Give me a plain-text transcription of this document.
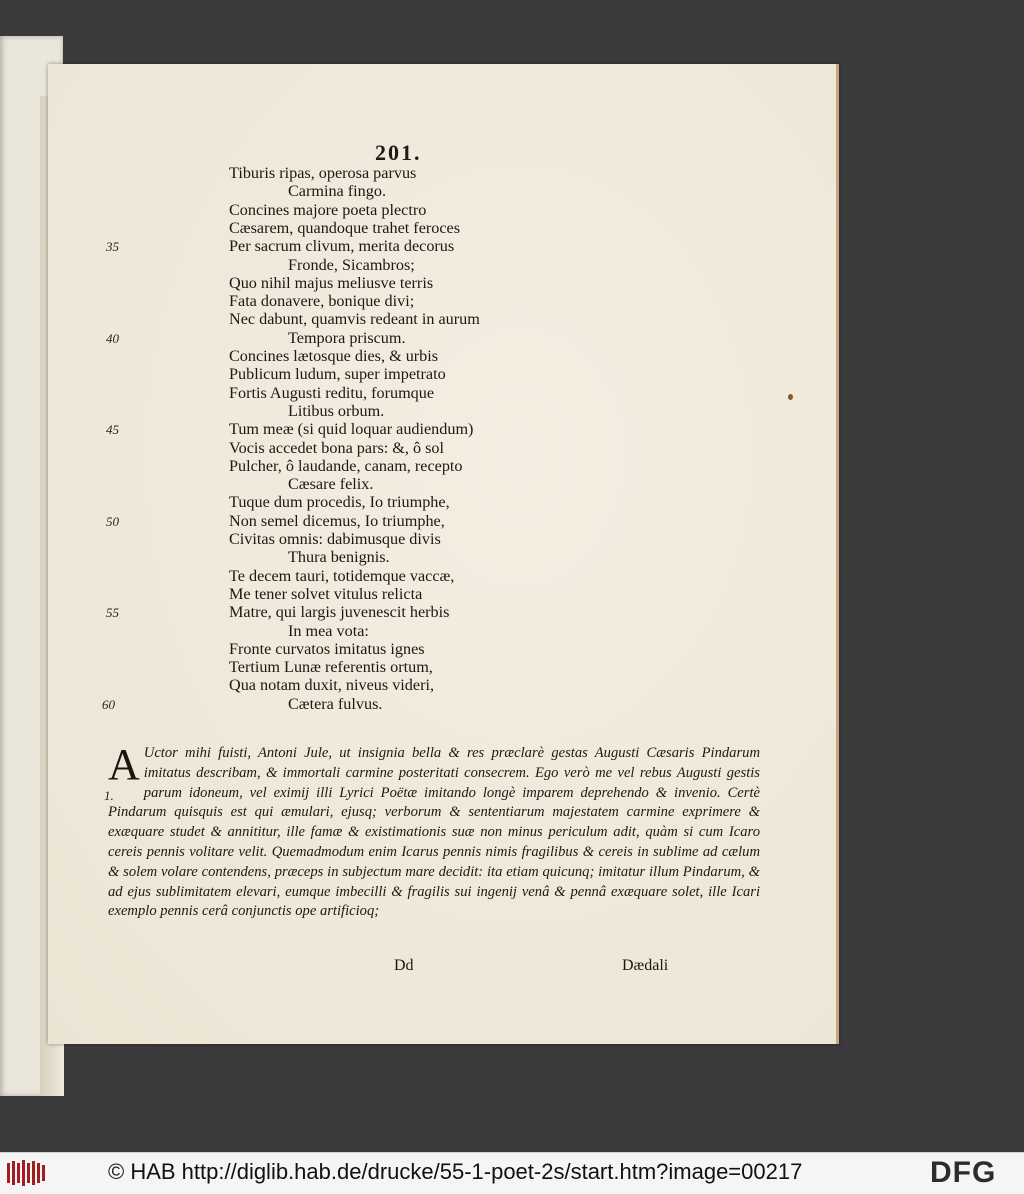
201.
Tiburis ripas, operosa parvus
Carmina fingo.
Concines majore poeta plectro
Cæsarem, quandoque trahet feroces
Per sacrum clivum, merita decorus
Fronde, Sicambros;
Quo nihil majus meliusve terris
Fata donavere, bonique divi;
Nec dabunt, quamvis redeant in aurum
Tempora priscum.
Concines lætosque dies, & urbis
Publicum ludum, super impetrato
Fortis Augusti reditu, forumque
Litibus orbum.
Tum meæ (si quid loquar audiendum)
Vocis accedet bona pars: &, ô sol
Pulcher, ô laudande, canam, recepto
Cæsare felix.
Tuque dum procedis, Io triumphe,
Non semel dicemus, Io triumphe,
Civitas omnis: dabimusque divis
Thura benignis.
Te decem tauri, totidemque vaccæ,
Me tener solvet vitulus relicta
Matre, qui largis juvenescit herbis
In mea vota:
Fronte curvatos imitatus ignes
Tertium Lunæ referentis ortum,
Qua notam duxit, niveus videri,
Cætera fulvus.
35
40
45
50
55
60

A Uctor mihi fuisti, Antoni Jule, ut insignia bella & res præclarè gestas Augusti Cæsaris Pindarum imitatus describam, & immortali carmine posteritati consecrem. Ego verò me vel rebus Augusti gestis parum idoneum, vel eximij illi Lyrici Poëtæ imitando longè imparem deprehendo & invenio. Certè Pindarum quisquis est qui æmulari, ejusq; verborum & sententiarum majestatem carmine exprimere & exæquare studet & annititur, ille famæ & existimationis suæ non minus periculum adit, quàm si cum Icaro cereis pennis volitare velit. Quemadmodum enim Icarus pennis nimis fragilibus & cereis in sublime ad cælum & solem volare contendens, præceps in subjectum mare decidit: ita etiam quicunq; imitatur illum Pindarum, & ad ejus sublimitatem elevari, eumque imbecilli & fragilis sui ingenij venâ & pennâ exæquare solet, ille Icari exemplo pennis cerâ conjunctis ope artificioq;

1.
Dd	Dædali
© HAB http://diglib.hab.de/drucke/55-1-poet-2s/start.htm?image=00217	DFG
